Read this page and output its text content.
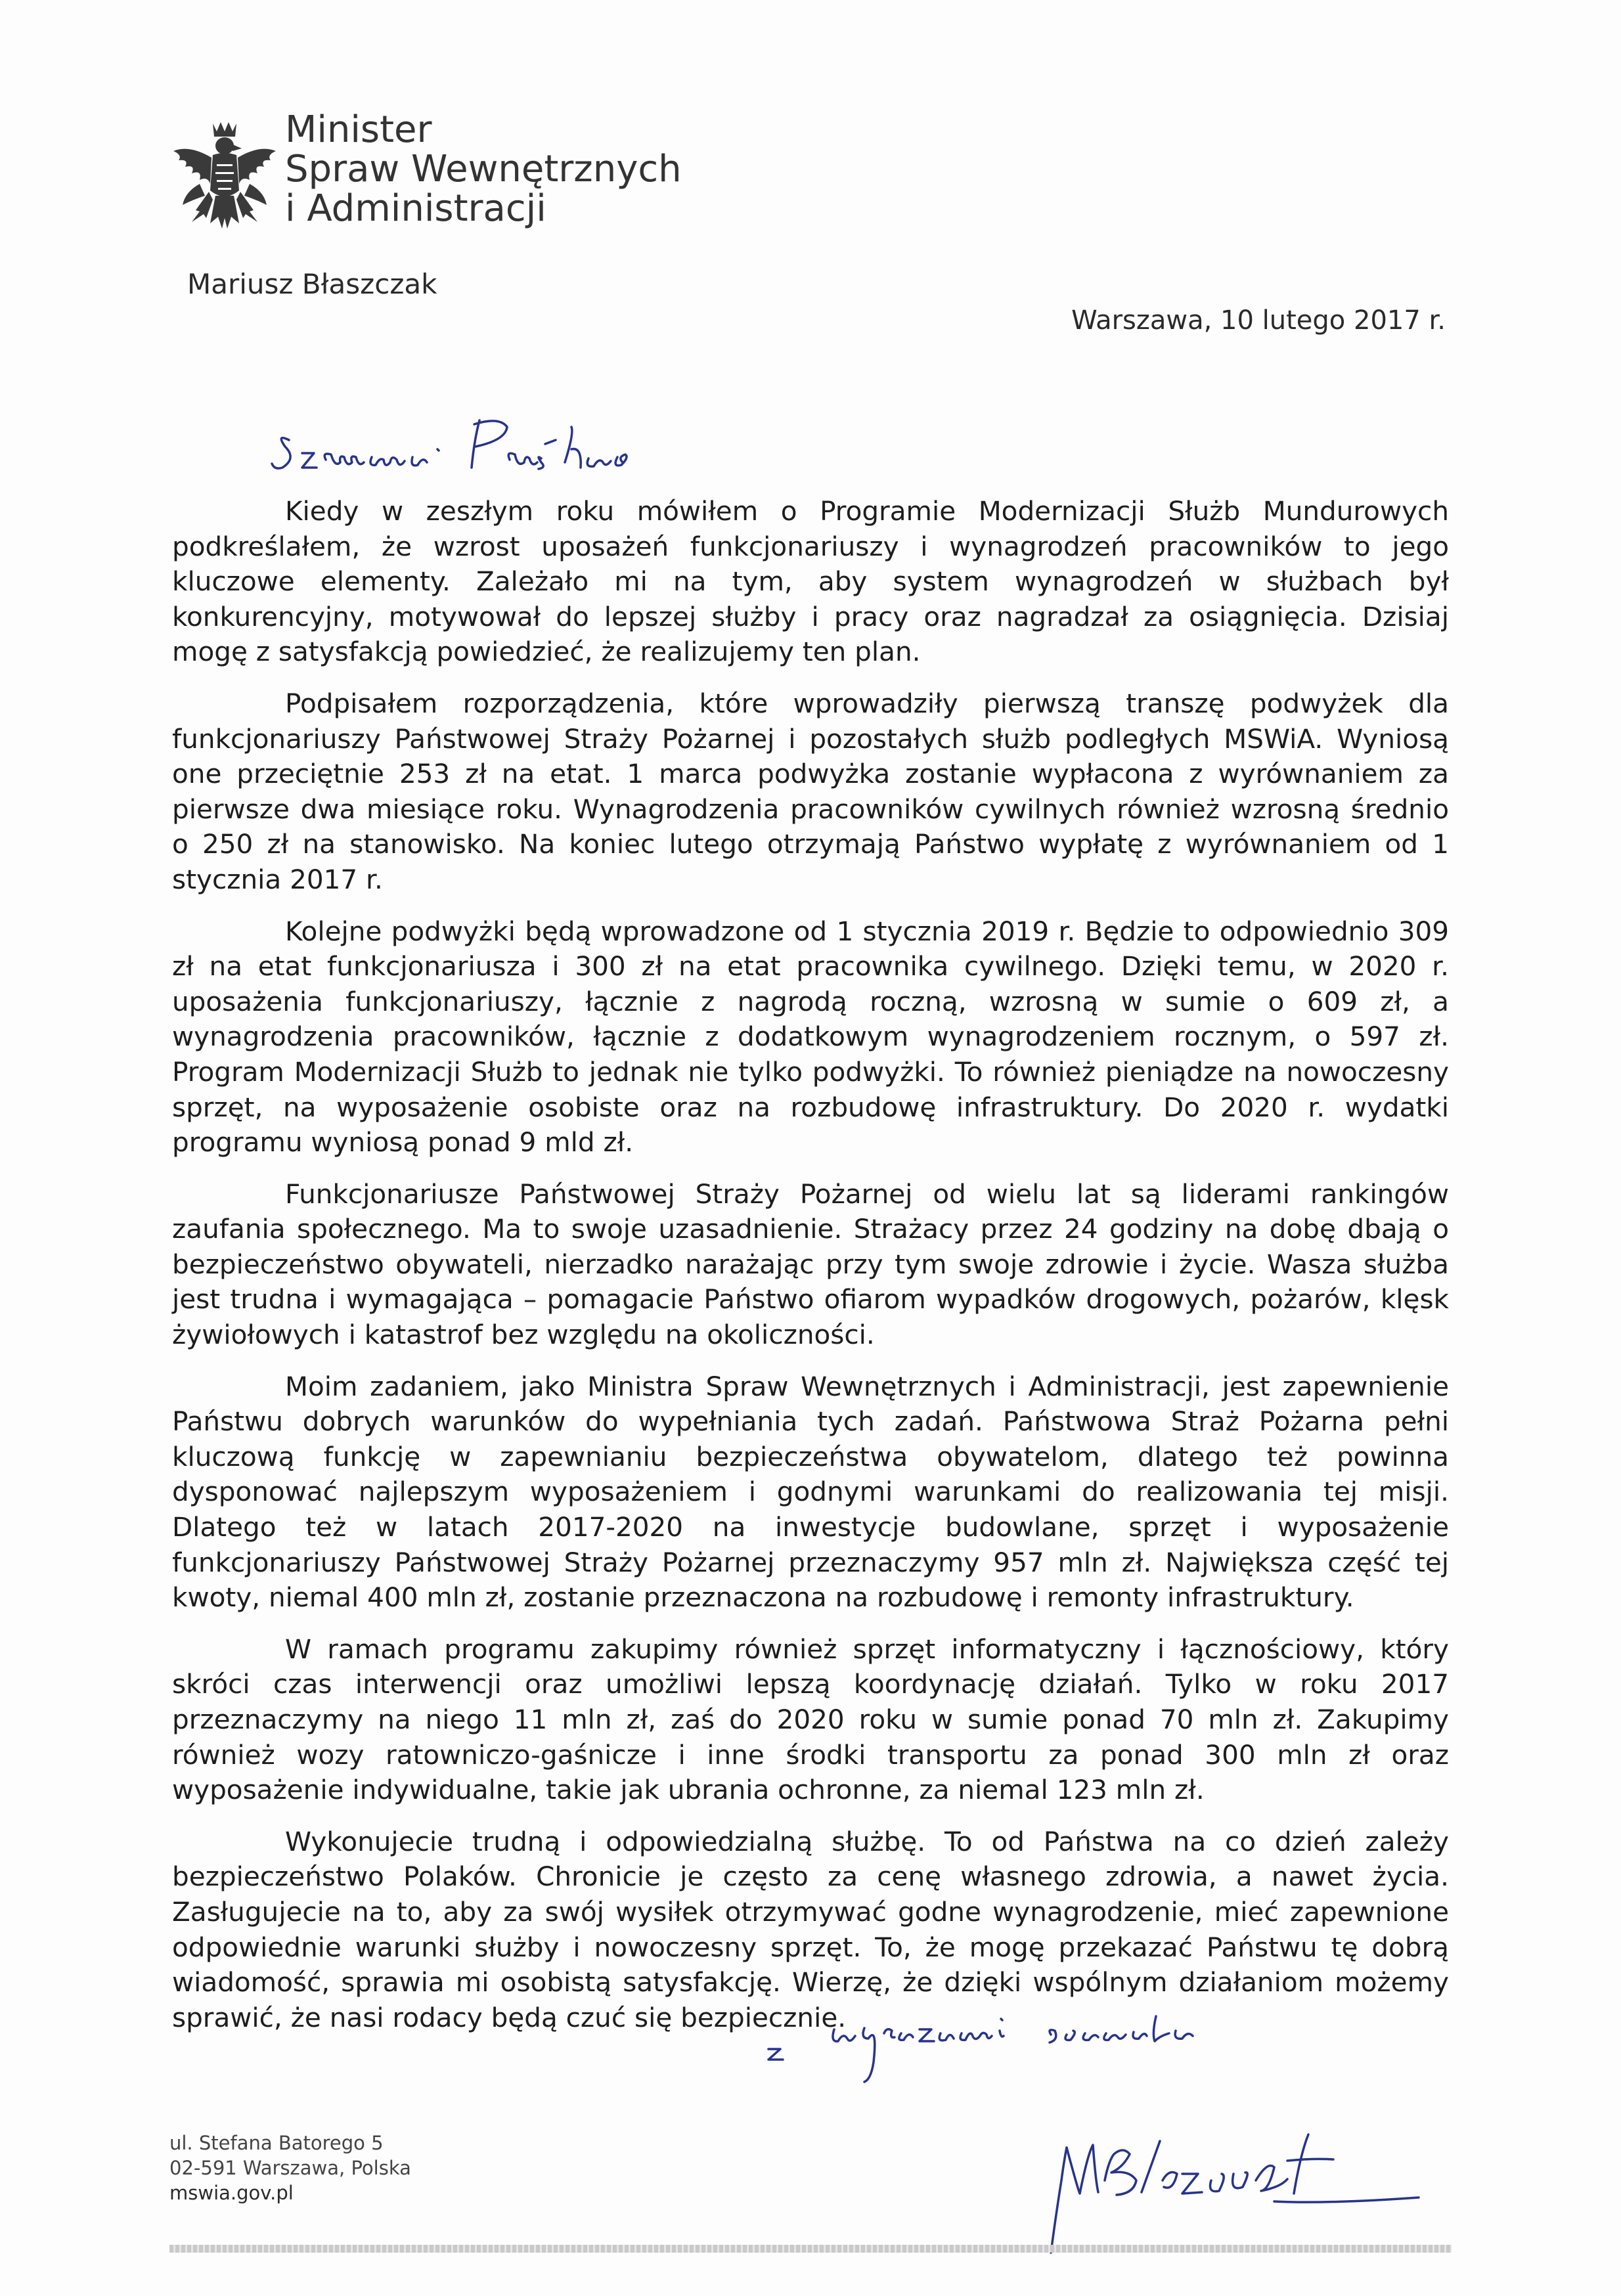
Minister
Spraw Wewnętrznych
i Administracji
Mariusz Błaszczak
Warszawa, 10 lutego 2017 r.

Kiedy w zeszłym roku mówiłem o Programie Modernizacji Służb Mundurowych podkreślałem, że wzrost uposażeń funkcjonariuszy i wynagrodzeń pracowników to jego kluczowe elementy. Zależało mi na tym, aby system wynagrodzeń w służbach był konkurencyjny, motywował do lepszej służby i pracy oraz nagradzał za osiągnięcia. Dzisiaj mogę z satysfakcją powiedzieć, że realizujemy ten plan.

Podpisałem rozporządzenia, które wprowadziły pierwszą transzę podwyżek dla funkcjonariuszy Państwowej Straży Pożarnej i pozostałych służb podległych MSWiA. Wyniosą one przeciętnie 253 zł na etat. 1 marca podwyżka zostanie wypłacona z wyrównaniem za pierwsze dwa miesiące roku. Wynagrodzenia pracowników cywilnych również wzrosną średnio o 250 zł na stanowisko. Na koniec lutego otrzymają Państwo wypłatę z wyrównaniem od 1 stycznia 2017 r.

Kolejne podwyżki będą wprowadzone od 1 stycznia 2019 r. Będzie to odpowiednio 309 zł na etat funkcjonariusza i 300 zł na etat pracownika cywilnego. Dzięki temu, w 2020 r. uposażenia funkcjonariuszy, łącznie z nagrodą roczną, wzrosną w sumie o 609 zł, a wynagrodzenia pracowników, łącznie z dodatkowym wynagrodzeniem rocznym, o 597 zł. Program Modernizacji Służb to jednak nie tylko podwyżki. To również pieniądze na nowoczesny sprzęt, na wyposażenie osobiste oraz na rozbudowę infrastruktury. Do 2020 r. wydatki programu wyniosą ponad 9 mld zł.

Funkcjonariusze Państwowej Straży Pożarnej od wielu lat są liderami rankingów zaufania społecznego. Ma to swoje uzasadnienie. Strażacy przez 24 godziny na dobę dbają o bezpieczeństwo obywateli, nierzadko narażając przy tym swoje zdrowie i życie. Wasza służba jest trudna i wymagająca – pomagacie Państwo ofiarom wypadków drogowych, pożarów, klęsk żywiołowych i katastrof bez względu na okoliczności.

Moim zadaniem, jako Ministra Spraw Wewnętrznych i Administracji, jest zapewnienie Państwu dobrych warunków do wypełniania tych zadań. Państwowa Straż Pożarna pełni kluczową funkcję w zapewnianiu bezpieczeństwa obywatelom, dlatego też powinna dysponować najlepszym wyposażeniem i godnymi warunkami do realizowania tej misji. Dlatego też w latach 2017-2020 na inwestycje budowlane, sprzęt i wyposażenie funkcjonariuszy Państwowej Straży Pożarnej przeznaczymy 957 mln zł. Największa część tej kwoty, niemal 400 mln zł, zostanie przeznaczona na rozbudowę i remonty infrastruktury.

W ramach programu zakupimy również sprzęt informatyczny i łącznościowy, który skróci czas interwencji oraz umożliwi lepszą koordynację działań. Tylko w roku 2017 przeznaczymy na niego 11 mln zł, zaś do 2020 roku w sumie ponad 70 mln zł. Zakupimy również wozy ratowniczo-gaśnicze i inne środki transportu za ponad 300 mln zł oraz wyposażenie indywidualne, takie jak ubrania ochronne, za niemal 123 mln zł.

Wykonujecie trudną i odpowiedzialną służbę. To od Państwa na co dzień zależy bezpieczeństwo Polaków. Chronicie je często za cenę własnego zdrowia, a nawet życia. Zasługujecie na to, aby za swój wysiłek otrzymywać godne wynagrodzenie, mieć zapewnione odpowiednie warunki służby i nowoczesny sprzęt. To, że mogę przekazać Państwu tę dobrą wiadomość, sprawia mi osobistą satysfakcję. Wierzę, że dzięki wspólnym działaniom możemy sprawić, że nasi rodacy będą czuć się bezpiecznie.

ul. Stefana Batorego 5
02-591 Warszawa, Polska
mswia.gov.pl
